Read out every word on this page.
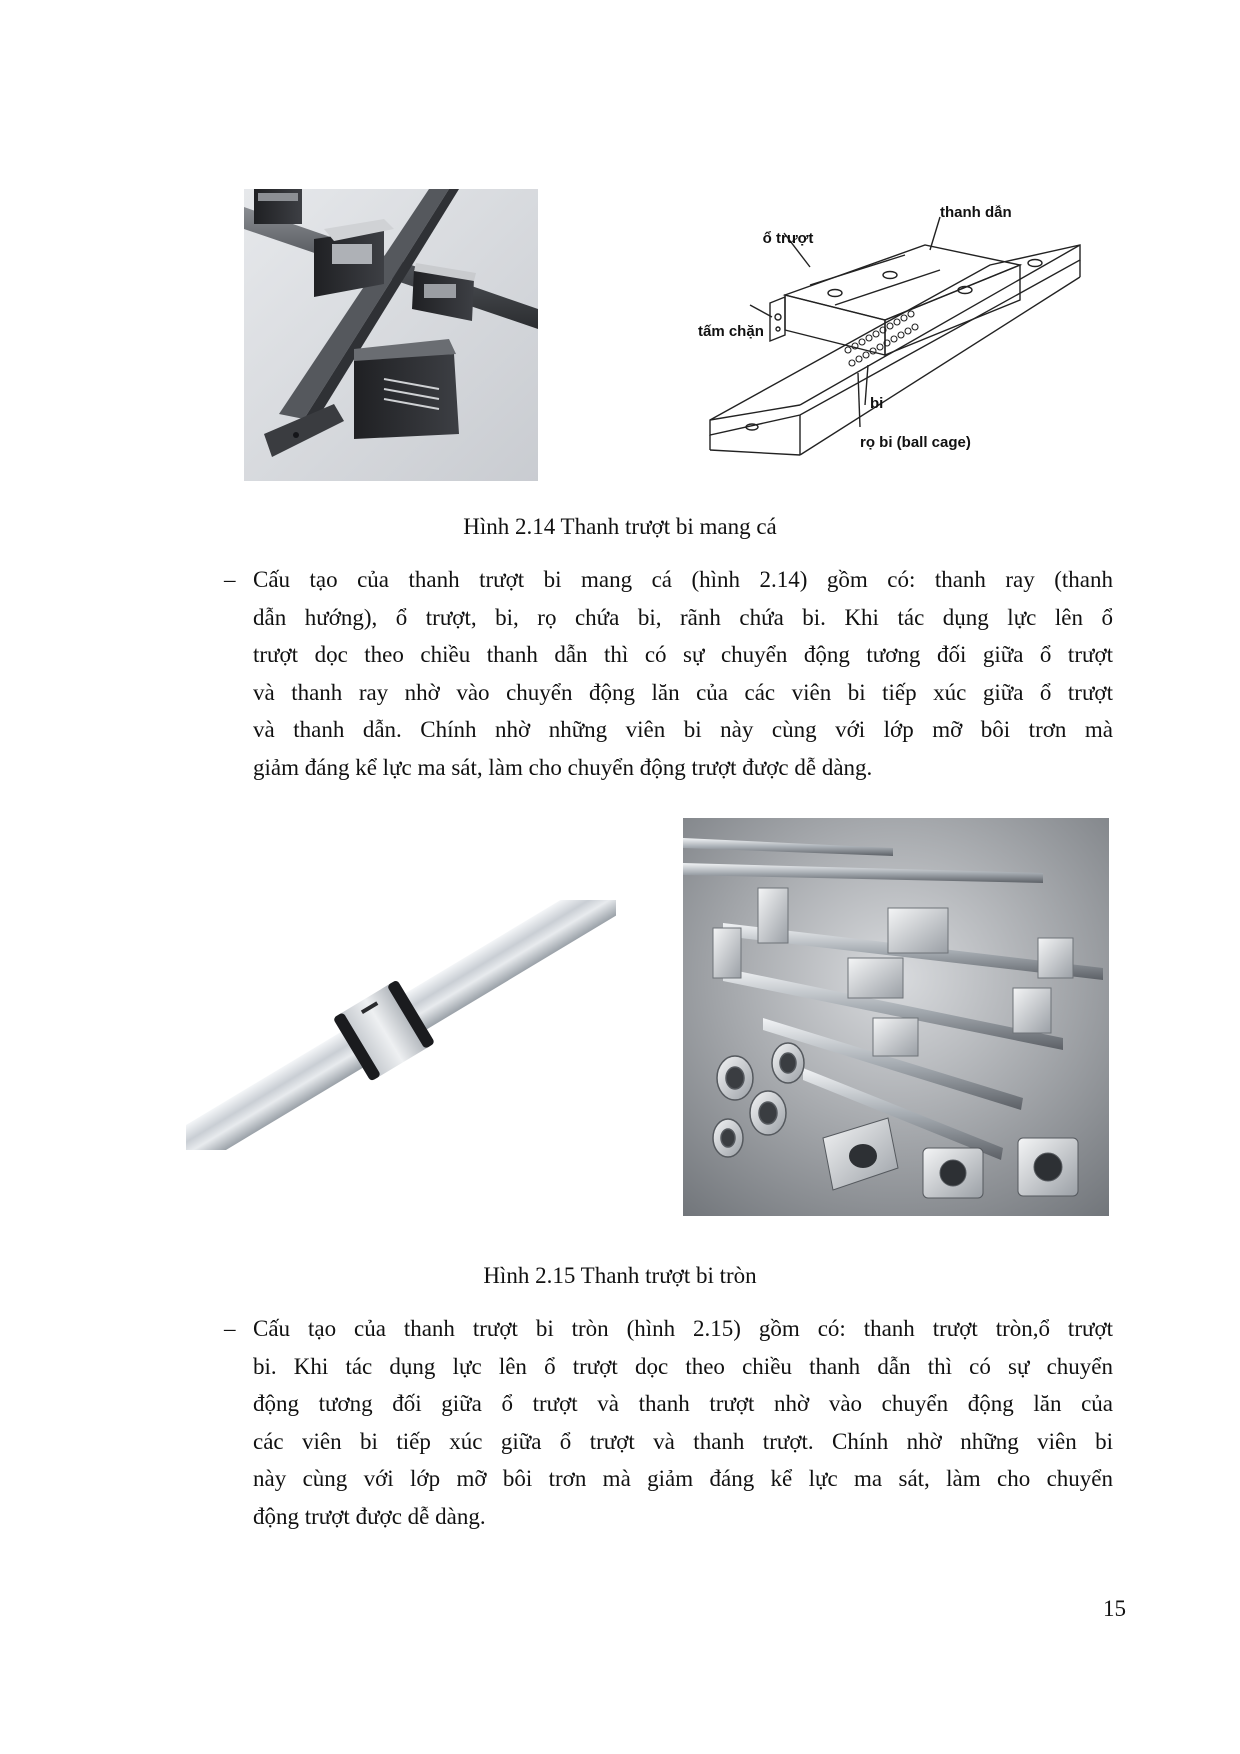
thanh dẫn
ổ trượt
tấm chặn
bi
rọ bi (ball cage)
Hình 2.14 Thanh trượt bi mang cá
– Cấu tạo của thanh trượt bi mang cá (hình 2.14) gồm có: thanh ray (thanh
dẫn hướng), ổ trượt, bi, rọ chứa bi, rãnh chứa bi. Khi tác dụng lực lên ổ
trượt dọc theo chiều thanh dẫn thì có sự chuyển động tương đối giữa ổ trượt
và thanh ray nhờ vào chuyển động lăn của các viên bi tiếp xúc giữa ổ trượt
và thanh dẫn. Chính nhờ những viên bi này cùng với lớp mỡ bôi trơn mà
giảm đáng kể lực ma sát, làm cho chuyển động trượt được dễ dàng.
Hình 2.15 Thanh trượt bi tròn
– Cấu tạo của thanh trượt bi tròn (hình 2.15) gồm có: thanh trượt tròn,ổ trượt
bi. Khi tác dụng lực lên ổ trượt dọc theo chiều thanh dẫn thì có sự chuyển
động tương đối giữa ổ trượt và thanh trượt nhờ vào chuyển động lăn của
các viên bi tiếp xúc giữa ổ trượt và thanh trượt. Chính nhờ những viên bi
này cùng với lớp mỡ bôi trơn mà giảm đáng kể lực ma sát, làm cho chuyển
động trượt được dễ dàng.
15
